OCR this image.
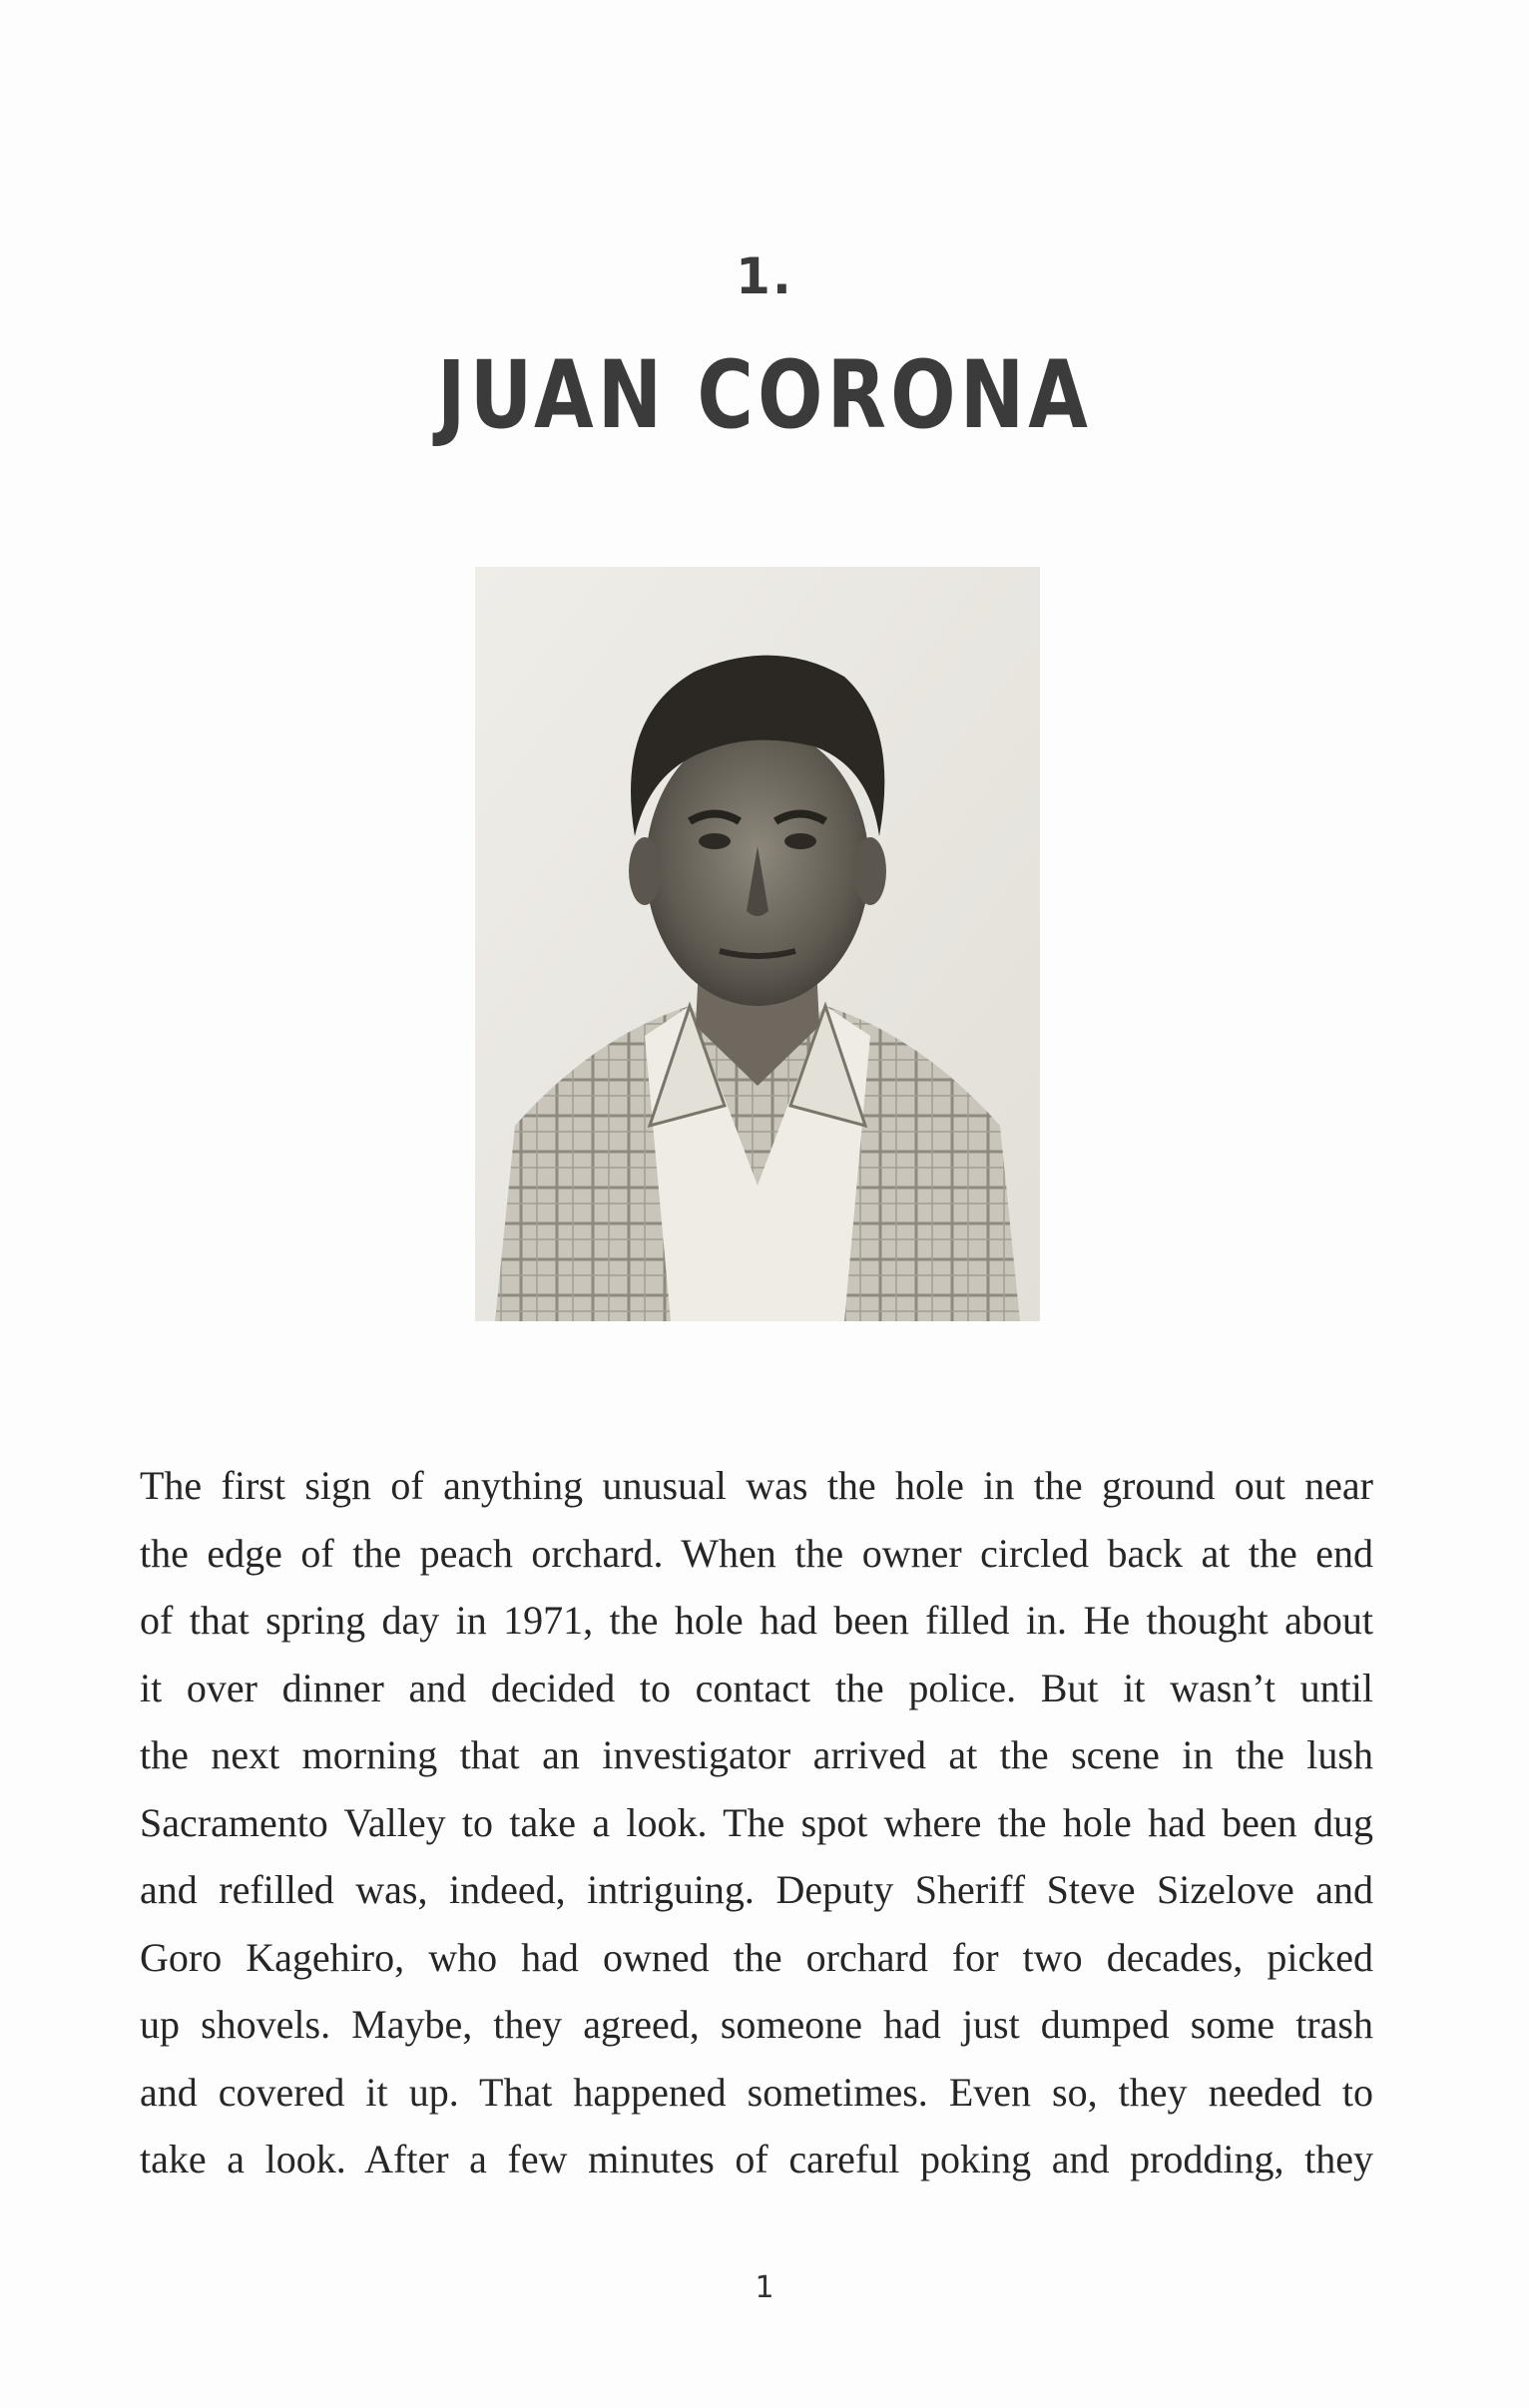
1.
JUAN CORONA
The first sign of anything unusual was the hole in the ground out near
the edge of the peach orchard. When the owner circled back at the end
of that spring day in 1971, the hole had been filled in. He thought about
it over dinner and decided to contact the police. But it wasn’t until
the next morning that an investigator arrived at the scene in the lush
Sacramento Valley to take a look. The spot where the hole had been dug
and refilled was, indeed, intriguing. Deputy Sheriff Steve Sizelove and
Goro Kagehiro, who had owned the orchard for two decades, picked
up shovels. Maybe, they agreed, someone had just dumped some trash
and covered it up. That happened sometimes. Even so, they needed to
take a look. After a few minutes of careful poking and prodding, they
1
